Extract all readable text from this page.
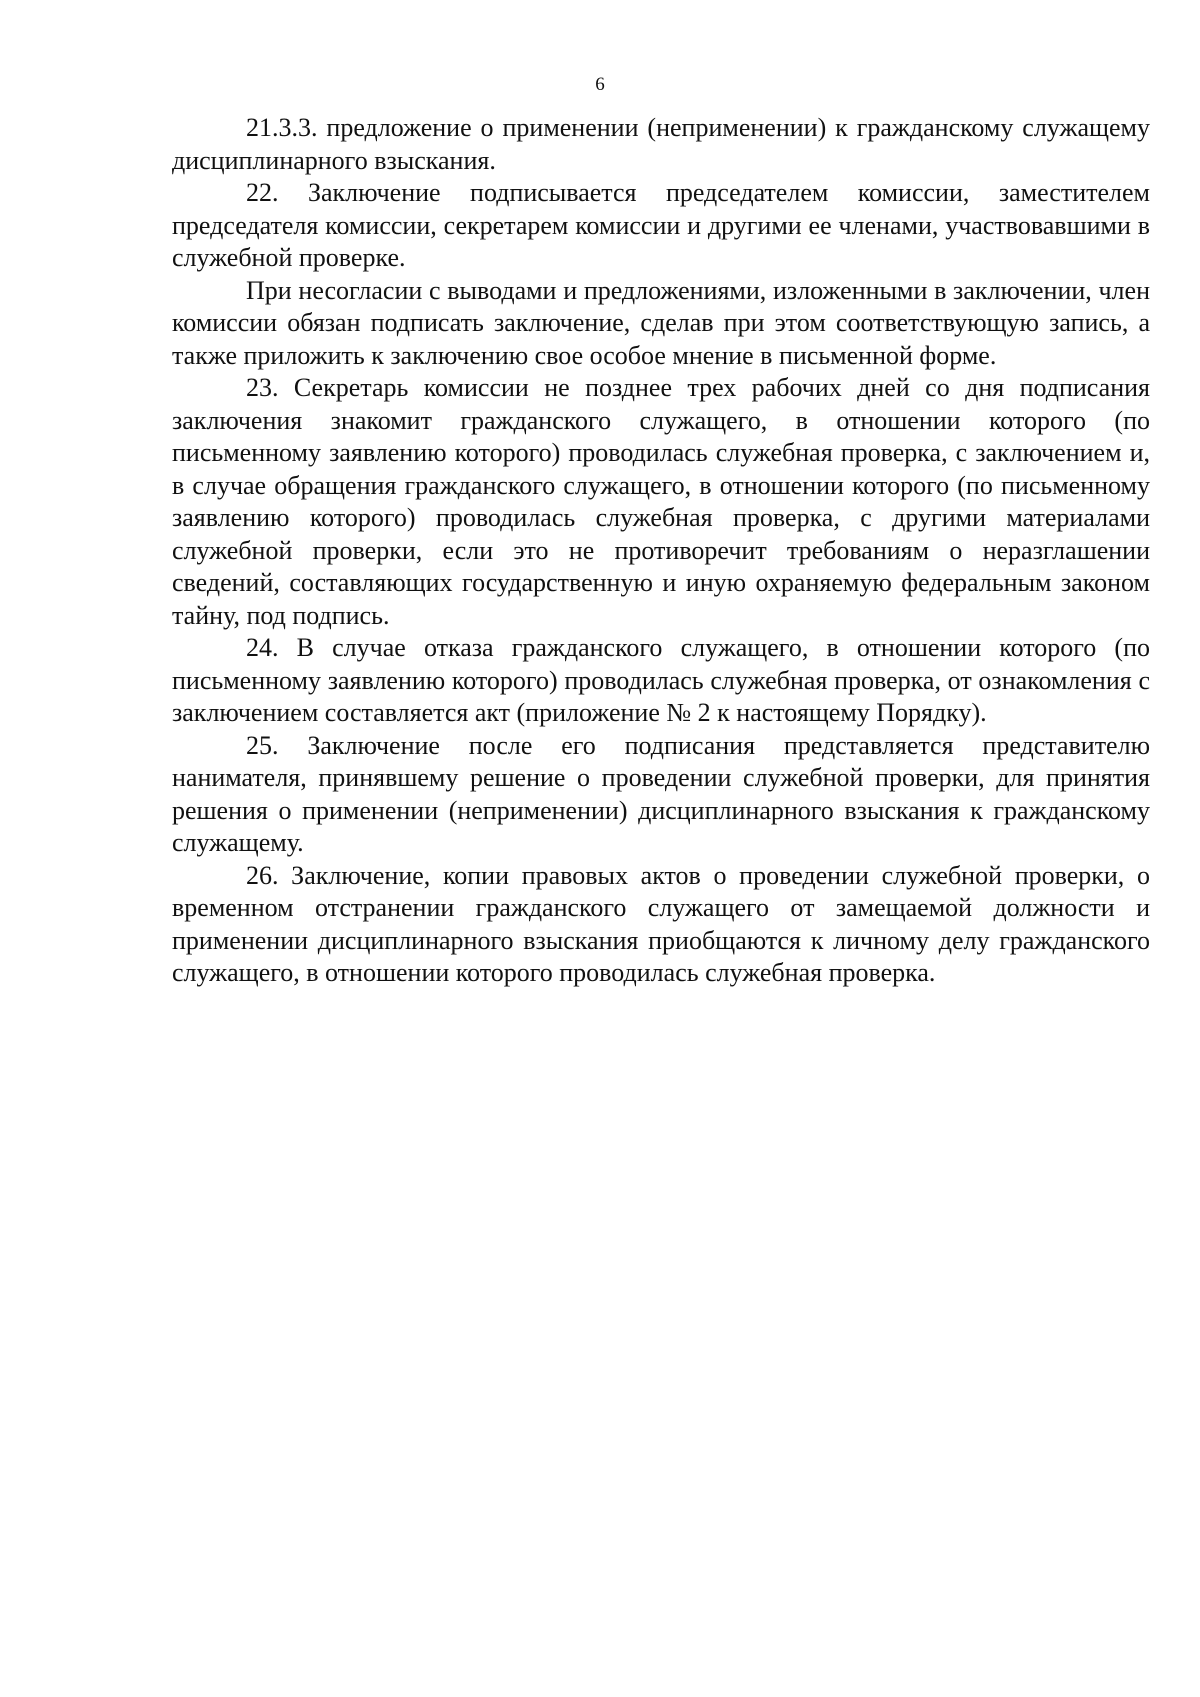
6

21.3.3. предложение о применении (неприменении) к гражданскому служащему дисциплинарного взыскания.

22. Заключение подписывается председателем комиссии, заместителем председателя комиссии, секретарем комиссии и другими ее членами, участвовавшими в служебной проверке.

При несогласии с выводами и предложениями, изложенными в заключении, член комиссии обязан подписать заключение, сделав при этом соответствующую запись, а также приложить к заключению свое особое мнение в письменной форме.

23. Секретарь комиссии не позднее трех рабочих дней со дня подписания заключения знакомит гражданского служащего, в отношении которого (по письменному заявлению которого) проводилась служебная проверка, с заключением и, в случае обращения гражданского служащего, в отношении которого (по письменному заявлению которого) проводилась служебная проверка, с другими материалами служебной проверки, если это не противоречит требованиям о неразглашении сведений, составляющих государственную и иную охраняемую федеральным законом тайну, под подпись.

24. В случае отказа гражданского служащего, в отношении которого (по письменному заявлению которого) проводилась служебная проверка, от ознакомления с заключением составляется акт (приложение № 2 к настоящему Порядку).

25. Заключение после его подписания представляется представителю нанимателя, принявшему решение о проведении служебной проверки, для принятия решения о применении (неприменении) дисциплинарного взыскания к гражданскому служащему.

26. Заключение, копии правовых актов о проведении служебной проверки, о временном отстранении гражданского служащего от замещаемой должности и применении дисциплинарного взыскания приобщаются к личному делу гражданского служащего, в отношении которого проводилась служебная проверка.
